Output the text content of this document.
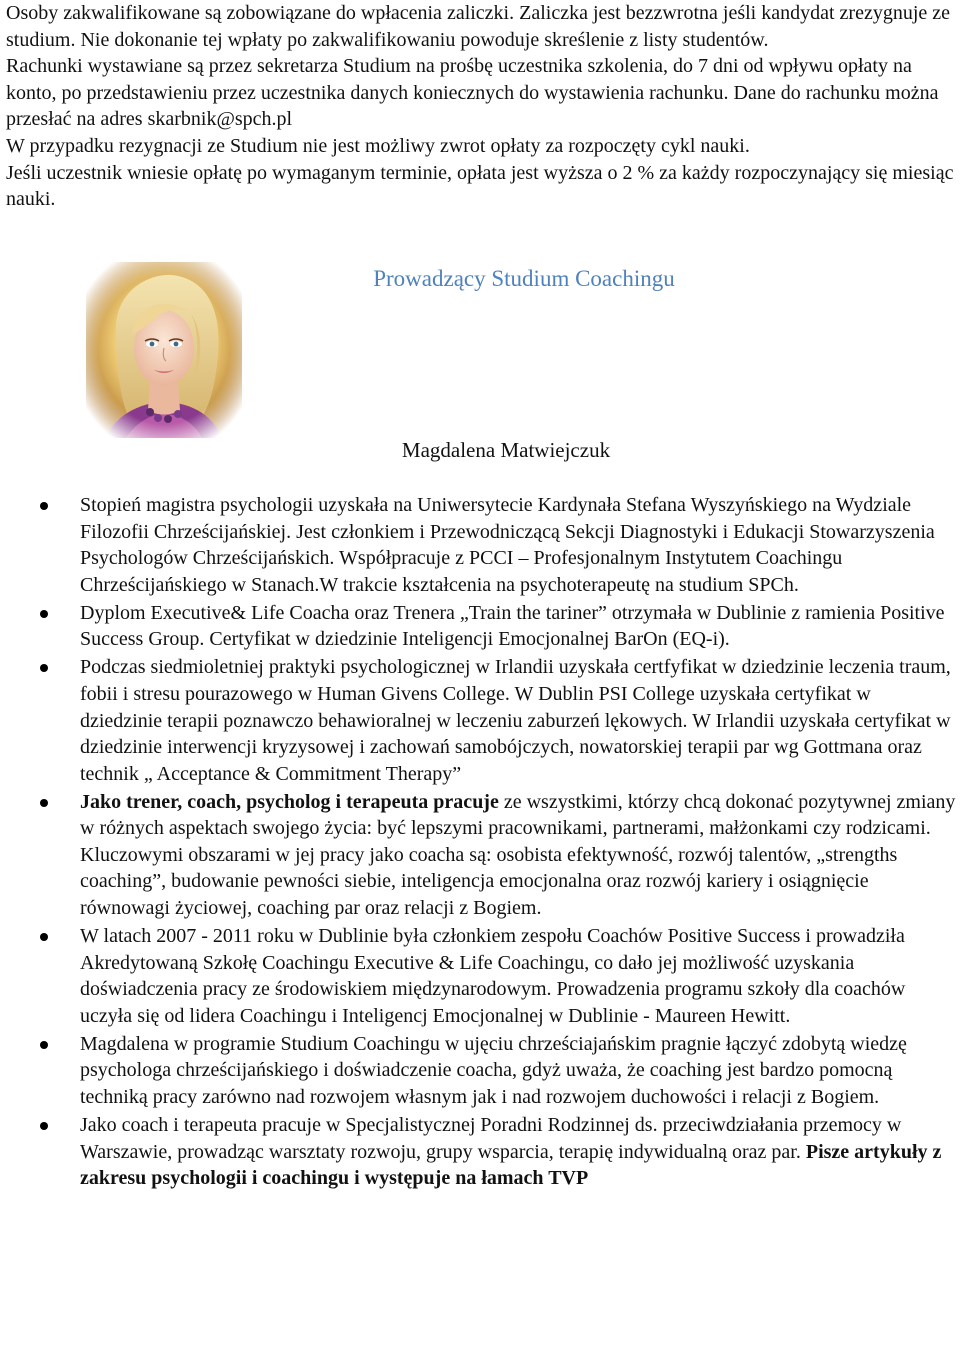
Osoby zakwalifikowane są zobowiązane do wpłacenia zaliczki. Zaliczka jest bezzwrotna jeśli kandydat zrezygnuje ze studium. Nie dokonanie tej wpłaty po zakwalifikowaniu powoduje skreślenie z listy studentów.

Rachunki wystawiane są przez sekretarza Studium na prośbę uczestnika szkolenia, do 7 dni od wpływu opłaty na konto, po przedstawieniu przez uczestnika danych koniecznych do wystawienia rachunku. Dane do rachunku można przesłać na adres skarbnik@spch.pl

W przypadku rezygnacji ze Studium nie jest możliwy zwrot opłaty za rozpoczęty cykl nauki.

Jeśli uczestnik wniesie opłatę po wymaganym terminie, opłata jest wyższa o 2 % za każdy rozpoczynający się miesiąc nauki.

Prowadzący Studium Coachingu
Magdalena Matwiejczuk
Stopień magistra psychologii uzyskała na Uniwersytecie Kardynała Stefana Wyszyńskiego na Wydziale Filozofii Chrześcijańskiej. Jest członkiem i Przewodniczącą Sekcji Diagnostyki i Edukacji Stowarzyszenia Psychologów Chrześcijańskich. Współpracuje z PCCI – Profesjonalnym Instytutem Coachingu Chrześcijańskiego w Stanach.W trakcie kształcenia na psychoterapeutę na studium SPCh.
Dyplom Executive& Life Coacha oraz Trenera „Train the tariner” otrzymała w Dublinie z ramienia Positive Success Group. Certyfikat w dziedzinie Inteligencji Emocjonalnej BarOn (EQ-i).
Podczas siedmioletniej praktyki psychologicznej w Irlandii uzyskała certfyfikat w dziedzinie leczenia traum, fobii i stresu pourazowego w Human Givens College. W Dublin PSI College uzyskała certyfikat w dziedzinie terapii poznawczo behawioralnej w leczeniu zaburzeń lękowych. W Irlandii uzyskała certyfikat w dziedzinie interwencji kryzysowej i zachowań samobójczych, nowatorskiej terapii par wg Gottmana oraz technik „ Acceptance & Commitment Therapy”
Jako trener, coach, psycholog i terapeuta pracuje ze wszystkimi, którzy chcą dokonać pozytywnej zmiany w różnych aspektach swojego życia: być lepszymi pracownikami, partnerami, małżonkami czy rodzicami. Kluczowymi obszarami w jej pracy jako coacha są: osobista efektywność, rozwój talentów, „strengths coaching”, budowanie pewności siebie, inteligencja emocjonalna oraz rozwój kariery i osiągnięcie równowagi życiowej, coaching par oraz relacji z Bogiem.
W latach 2007 - 2011 roku w Dublinie była członkiem zespołu Coachów Positive Success i prowadziła Akredytowaną Szkołę Coachingu Executive & Life Coachingu, co dało jej możliwość uzyskania doświadczenia pracy ze środowiskiem międzynarodowym. Prowadzenia programu szkoły dla coachów uczyła się od lidera Coachingu i Inteligencj Emocjonalnej w Dublinie - Maureen Hewitt.
Magdalena w programie Studium Coachingu w ujęciu chrześciajańskim pragnie łączyć zdobytą wiedzę psychologa chrześcijańskiego i doświadczenie coacha, gdyż uważa, że coaching jest bardzo pomocną techniką pracy zarówno nad rozwojem własnym jak i nad rozwojem duchowości i relacji z Bogiem.
Jako coach i terapeuta pracuje w Specjalistycznej Poradni Rodzinnej ds. przeciwdziałania przemocy w Warszawie, prowadząc warsztaty rozwoju, grupy wsparcia, terapię indywidualną oraz par. Pisze artykuły z zakresu psychologii i coachingu i występuje na łamach TVP
